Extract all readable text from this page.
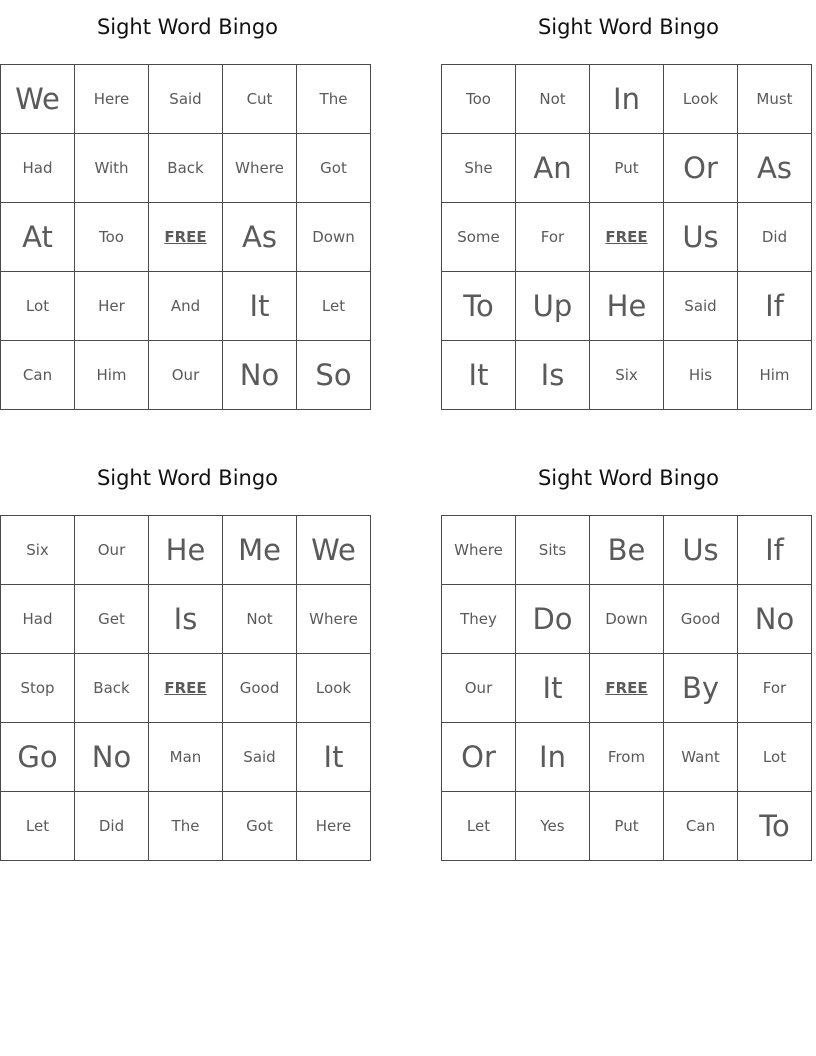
Sight Word Bingo
We	Here	Said	Cut	The
Had	With	Back	Where	Got
At	Too	FREE	As	Down
Lot	Her	And	It	Let
Can	Him	Our	No	So
Sight Word Bingo
Too	Not	In	Look	Must
She	An	Put	Or	As
Some	For	FREE	Us	Did
To	Up	He	Said	If
It	Is	Six	His	Him
Sight Word Bingo
Six	Our	He	Me	We
Had	Get	Is	Not	Where
Stop	Back	FREE	Good	Look
Go	No	Man	Said	It
Let	Did	The	Got	Here
Sight Word Bingo
Where	Sits	Be	Us	If
They	Do	Down	Good	No
Our	It	FREE	By	For
Or	In	From	Want	Lot
Let	Yes	Put	Can	To
